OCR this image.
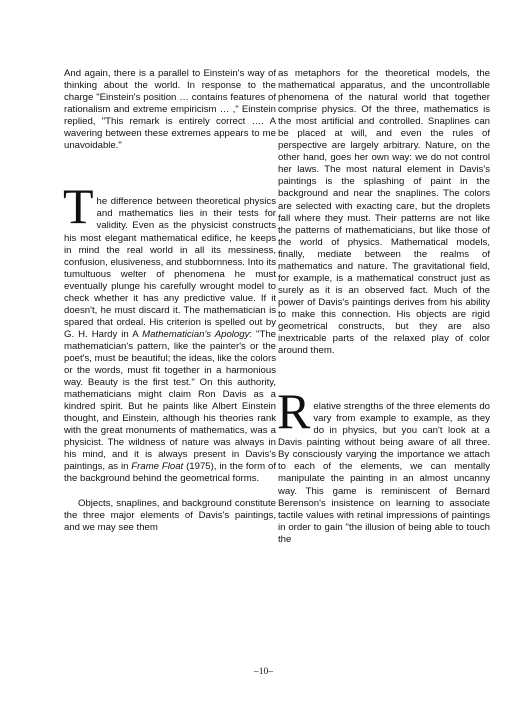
And again, there is a parallel to Einstein's way of thinking about the world. In response to the charge "Einstein's position … contains features of rationalism and extreme empiricism … ," Einstein replied, "This remark is entirely correct …. A wavering between these extremes appears to me unavoidable."

T he difference between theoretical physics and mathematics lies in their tests for validity. Even as the physicist constructs his most elegant mathematical edifice, he keeps in mind the real world in all its messiness, confusion, elusiveness, and stubbornness. Into its tumultuous welter of phenomena he must eventually plunge his carefully wrought model to check whether it has any predictive value. If it doesn't, he must discard it. The mathematician is spared that ordeal. His criterion is spelled out by G. H. Hardy in A Mathematician's Apology: "The mathematician's pattern, like the painter's or the poet's, must be beautiful; the ideas, like the colors or the words, must fit together in a harmonious way. Beauty is the first test." On this authority, mathematicians might claim Ron Davis as a kindred spirit. But he paints like Albert Einstein thought, and Einstein, although his theories rank with the great monuments of mathematics, was a physicist. The wildness of nature was always in his mind, and it is always present in Davis's paintings, as in Frame Float (1975), in the form of the background behind the geometrical forms.

Objects, snaplines, and background constitute the three major elements of Davis's paintings, and we may see them

as metaphors for the theoretical models, the mathematical apparatus, and the uncontrollable phenomena of the natural world that together comprise physics. Of the three, mathematics is the most artificial and controlled. Snaplines can be placed at will, and even the rules of perspective are largely arbitrary. Nature, on the other hand, goes her own way: we do not control her laws. The most natural element in Davis's paintings is the splashing of paint in the background and near the snaplines. The colors are selected with exacting care, but the droplets fall where they must. Their patterns are not like the patterns of mathematicians, but like those of the world of physics. Mathematical models, finally, mediate between the realms of mathematics and nature. The gravitational field, for example, is a mathematical construct just as surely as it is an observed fact. Much of the power of Davis's paintings derives from his ability to make this connection. His objects are rigid geometrical constructs, but they are also inextricable parts of the relaxed play of color around them.

R elative strengths of the three elements do vary from example to example, as they do in physics, but you can't look at a Davis painting without being aware of all three. By consciously varying the importance we attach to each of the elements, we can mentally manipulate the painting in an almost uncanny way. This game is reminiscent of Bernard Berenson's insistence on learning to associate tactile values with retinal impressions of paintings in order to gain "the illusion of being able to touch the

–10–
